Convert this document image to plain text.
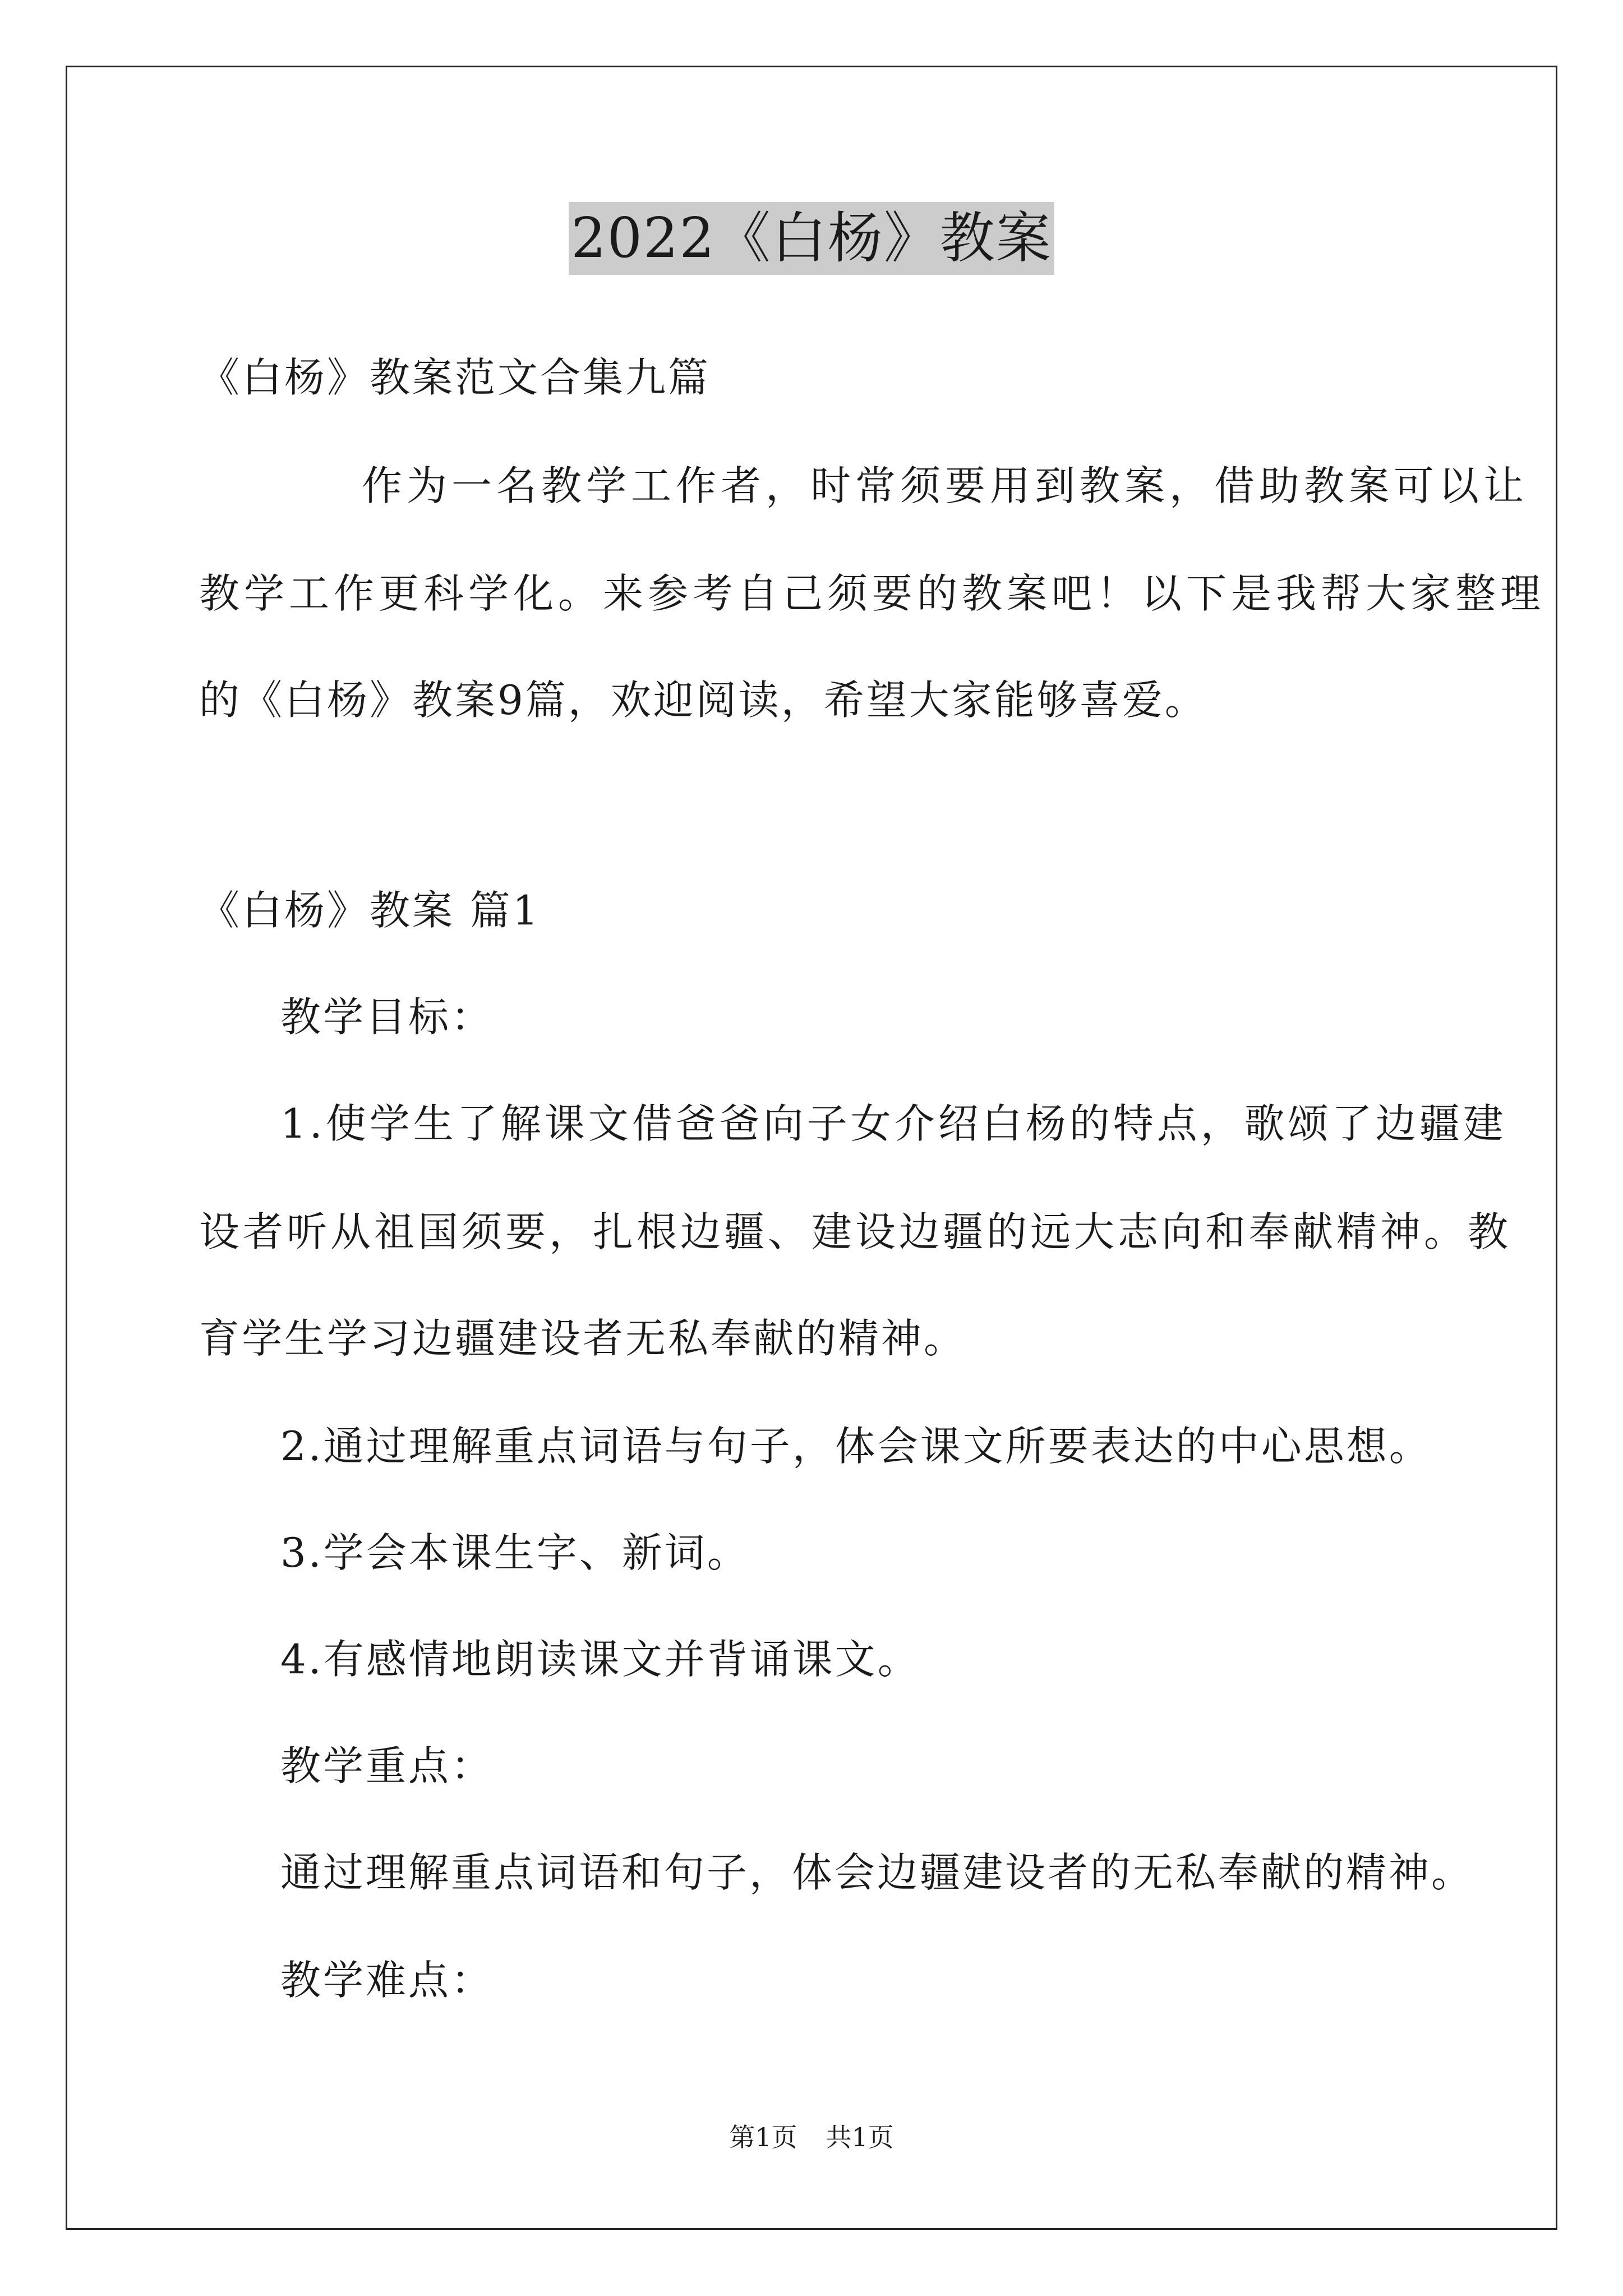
2022《白杨》教案
《白杨》教案范文合集九篇
作为一名教学工作者，时常须要用到教案，借助教案可以让
教学工作更科学化。来参考自己须要的教案吧！以下是我帮大家整理
的《白杨》教案9篇，欢迎阅读，希望大家能够喜爱。
《白杨》教案 篇1
教学目标：
1.使学生了解课文借爸爸向子女介绍白杨的特点，歌颂了边疆建
设者听从祖国须要，扎根边疆、建设边疆的远大志向和奉献精神。教
育学生学习边疆建设者无私奉献的精神。
2.通过理解重点词语与句子，体会课文所要表达的中心思想。
3.学会本课生字、新词。
4.有感情地朗读课文并背诵课文。
教学重点：
通过理解重点词语和句子，体会边疆建设者的无私奉献的精神。
教学难点：
第1页 共1页
